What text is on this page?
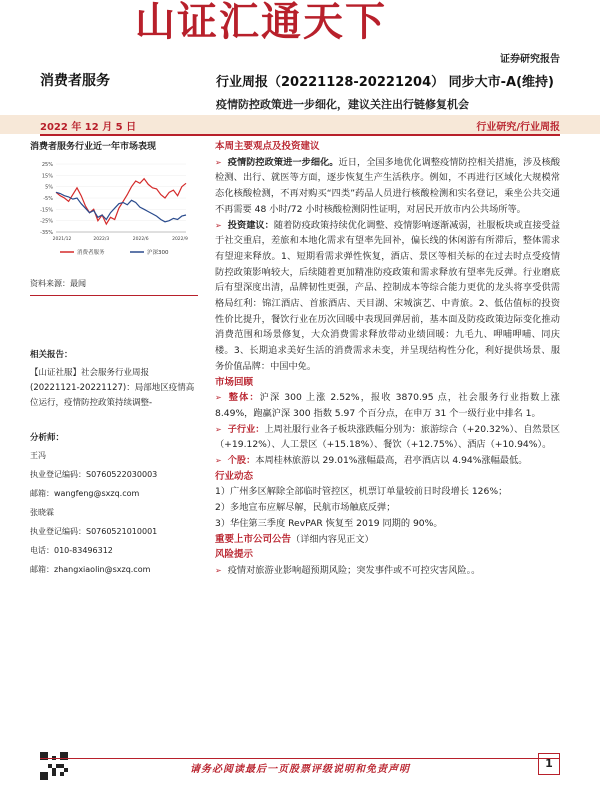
山证汇通天下
证券研究报告
消费者服务	行业周报（20221128-20221204） 同步大市-A(维持)
疫情防控政策进一步细化，建议关注出行链修复机会
2022 年 12 月 5 日	行业研究/行业周报
消费者服务行业近一年市场表现
25%
15%
5%
-5%
-15%
-25%
-35%
2021/12	2022/3	2022/6	2022/9
消费者服务	沪深300
资料来源：最闻
相关报告：
【山证社服】社会服务行业周报(20221121-20221127)：局部地区疫情高位运行，疫情防控政策持续调整-
分析师：
王冯
执业登记编码：S0760522030003
邮箱：wangfeng@sxzq.com
张晓霖
执业登记编码：S0760521010001
电话：010-83496312
邮箱：zhangxiaolin@sxzq.com
本周主要观点及投资建议
➢ 疫情防控政策进一步细化。近日，全国多地优化调整疫情防控相关措施，涉及核酸检测、出行、就医等方面，逐步恢复生产生活秩序。例如，不再进行区域化大规模常态化核酸检测，不再对购买“四类”药品人员进行核酸检测和实名登记，乘坐公共交通不再需要 48 小时/72 小时核酸检测阴性证明，对居民开放市内公共场所等。
➢ 投资建议：随着防疫政策持续优化调整、疫情影响逐渐减弱，社服板块或直接受益于社交重启，差旅和本地化需求有望率先回补，偏长线的休闲游有所滞后，整体需求有望迎来释放。1、短期看需求弹性恢复，酒店、景区等相关标的在过去时点受疫情防控政策影响较大，后续随着更加精准防疫政策和需求释放有望率先反弹。行业磨底后有望深度出清，品牌韧性更强，产品、控制成本等综合能力更优的龙头将享受供需格局红利：锦江酒店、首旅酒店、天目湖、宋城演艺、中青旅。2、低估值标的投资性价比提升，餐饮行业在历次回暖中表现回弹居前，基本面及防疫政策边际变化推动消费范围和场景修复，大众消费需求释放带动业绩回暖：九毛九、呷哺呷哺、同庆楼。3、长期追求美好生活的消费需求未变，并呈现结构性分化，利好提供场景、服务价值品牌：中国中免。
市场回顾
➢ 整体：沪深 300 上涨 2.52%，报收 3870.95 点，社会服务行业指数上涨 8.49%，跑赢沪深 300 指数 5.97 个百分点，在申万 31 个一级行业中排名 1。
➢ 子行业：上周社服行业各子板块涨跌幅分别为：旅游综合（+20.32%）、自然景区（+19.12%）、人工景区（+15.18%）、餐饮（+12.75%）、酒店（+10.94%）。
➢ 个股：本周桂林旅游以 29.01%涨幅最高，君亭酒店以 4.94%涨幅最低。
行业动态
1）广州多区解除全部临时管控区，机票订单量较前日时段增长 126%；
2）多地宣布应解尽解，民航市场触底反弹；
3）华住第三季度 RevPAR 恢复至 2019 同期的 90%。
重要上市公司公告（详细内容见正文）
风险提示
➢ 疫情对旅游业影响超预期风险；突发事件或不可控灾害风险。。
请务必阅读最后一页股票评级说明和免责声明	1
